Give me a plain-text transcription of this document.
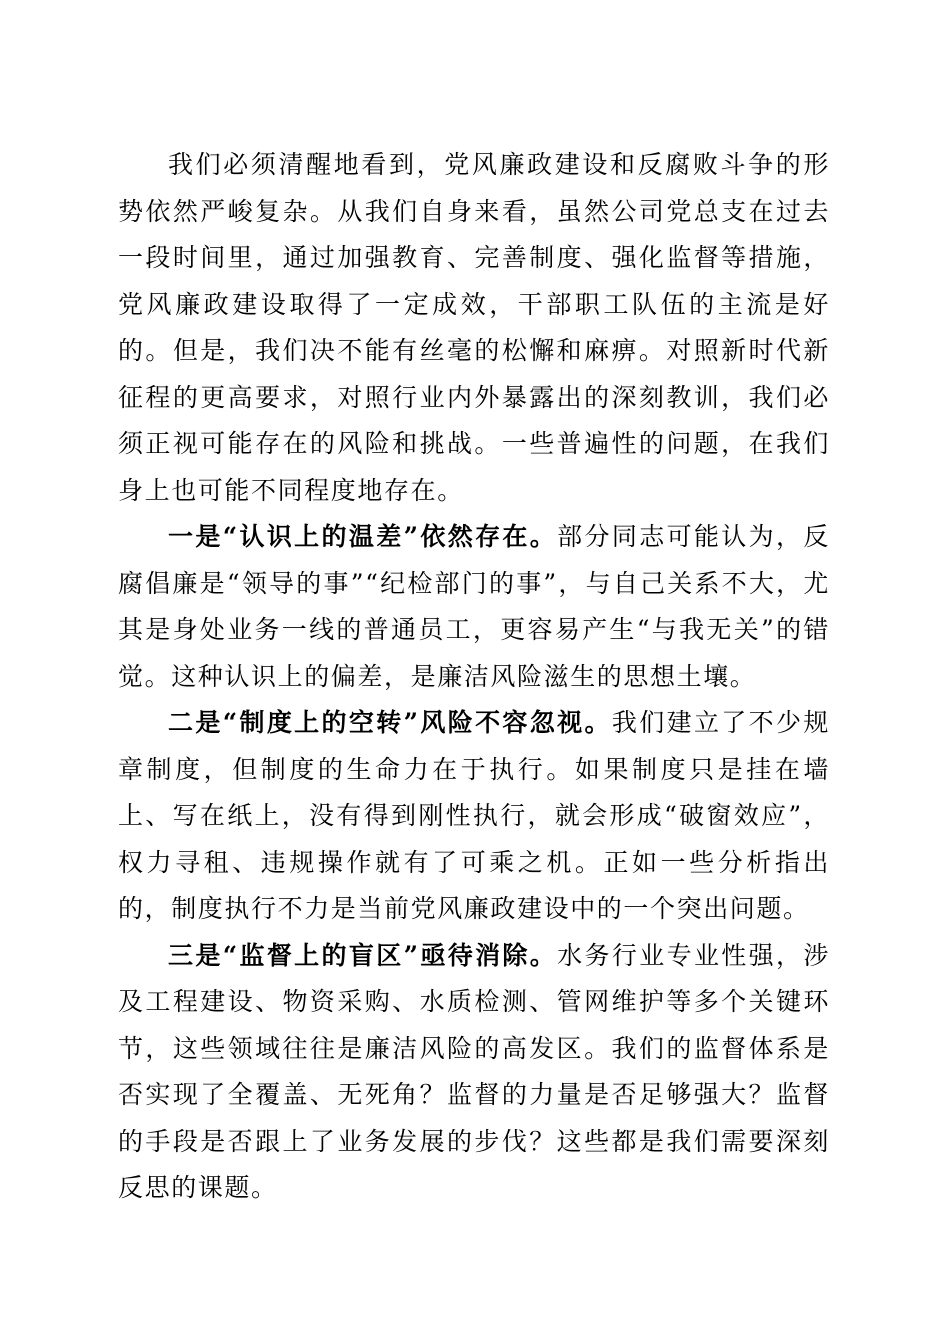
我们必须清醒地看到，党风廉政建设和反腐败斗争的形势依然严峻复杂。从我们自身来看，虽然公司党总支在过去一段时间里，通过加强教育、完善制度、强化监督等措施，党风廉政建设取得了一定成效，干部职工队伍的主流是好的。但是，我们决不能有丝毫的松懈和麻痹。对照新时代新征程的更高要求，对照行业内外暴露出的深刻教训，我们必须正视可能存在的风险和挑战。一些普遍性的问题，在我们身上也可能不同程度地存在。

一是“认识上的温差”依然存在。部分同志可能认为，反腐倡廉是“领导的事”“纪检部门的事”，与自己关系不大，尤其是身处业务一线的普通员工，更容易产生“与我无关”的错觉。这种认识上的偏差，是廉洁风险滋生的思想土壤。

二是“制度上的空转”风险不容忽视。我们建立了不少规章制度，但制度的生命力在于执行。如果制度只是挂在墙上、写在纸上，没有得到刚性执行，就会形成“破窗效应”，权力寻租、违规操作就有了可乘之机。正如一些分析指出的，制度执行不力是当前党风廉政建设中的一个突出问题。

三是“监督上的盲区”亟待消除。水务行业专业性强，涉及工程建设、物资采购、水质检测、管网维护等多个关键环节，这些领域往往是廉洁风险的高发区。我们的监督体系是否实现了全覆盖、无死角？监督的力量是否足够强大？监督的手段是否跟上了业务发展的步伐？这些都是我们需要深刻反思的课题。
